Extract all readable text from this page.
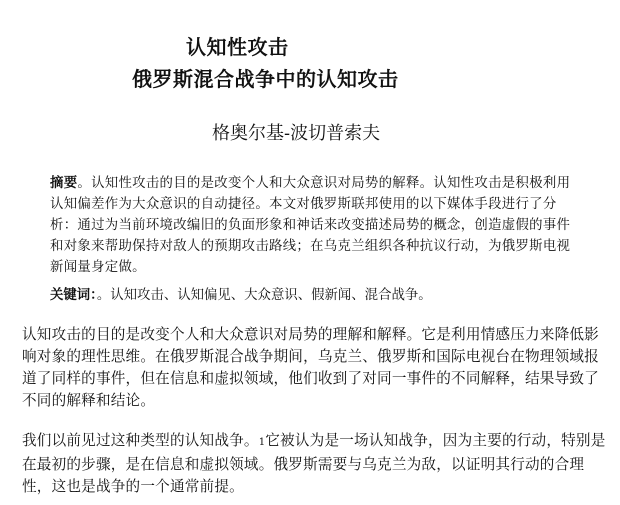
认知性攻击
俄罗斯混合战争中的认知攻击
格奥尔基-波切普索夫

摘要。认知性攻击的目的是改变个人和大众意识对局势的解释。认知性攻击是积极利用认知偏差作为大众意识的自动捷径。本文对俄罗斯联邦使用的以下媒体手段进行了分析：通过为当前环境改编旧的负面形象和神话来改变描述局势的概念，创造虚假的事件和对象来帮助保持对敌人的预期攻击路线；在乌克兰组织各种抗议行动，为俄罗斯电视新闻量身定做。

关键词：。认知攻击、认知偏见、大众意识、假新闻、混合战争。

认知攻击的目的是改变个人和大众意识对局势的理解和解释。它是利用情感压力来降低影响对象的理性思维。在俄罗斯混合战争期间，乌克兰、俄罗斯和国际电视台在物理领域报道了同样的事件，但在信息和虚拟领域，他们收到了对同一事件的不同解释，结果导致了不同的解释和结论。

我们以前见过这种类型的认知战争。1它被认为是一场认知战争，因为主要的行动，特别是在最初的步骤，是在信息和虚拟领域。俄罗斯需要与乌克兰为敌，以证明其行动的合理性，这也是战争的一个通常前提。
